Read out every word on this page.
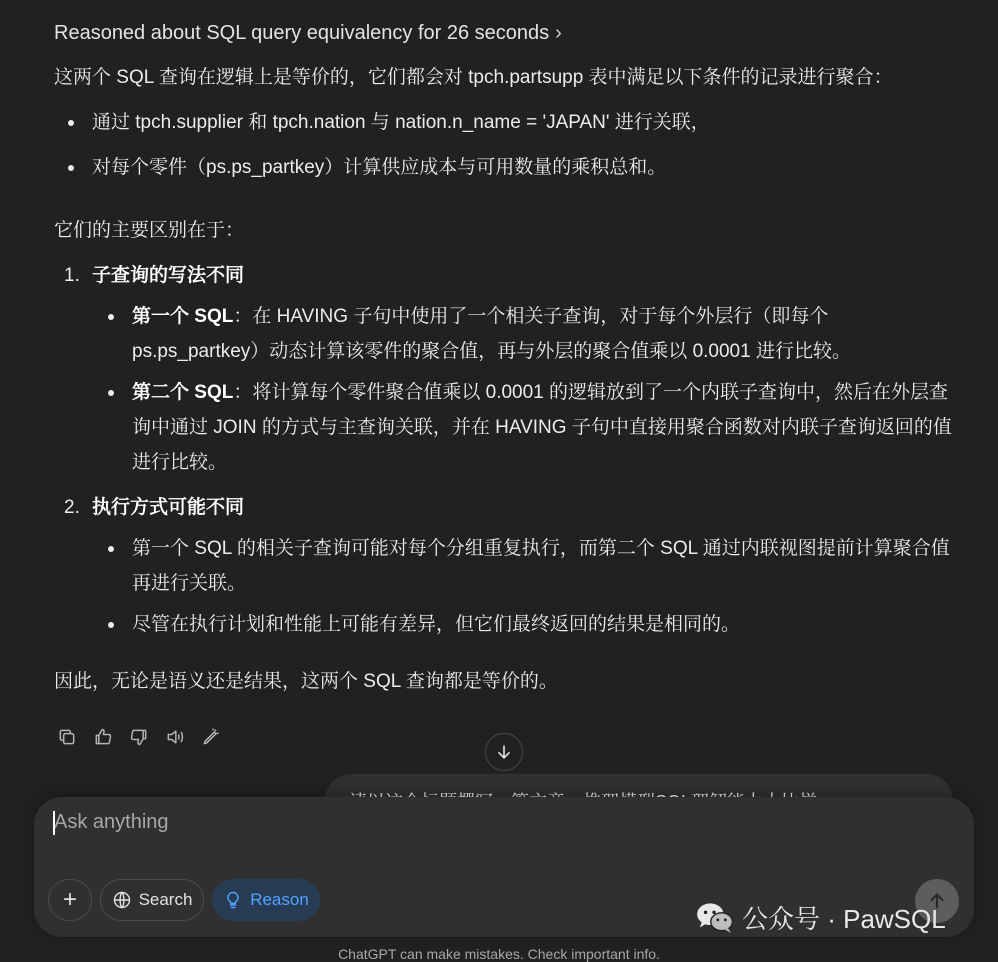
Reasoned about SQL query equivalency for 26 seconds ›

这两个 SQL 查询在逻辑上是等价的，它们都会对 tpch.partsupp 表中满足以下条件的记录进行聚合：

通过 tpch.supplier 和 tpch.nation 与 nation.n_name = 'JAPAN' 进行关联，
对每个零件（ps.ps_partkey）计算供应成本与可用数量的乘积总和。

它们的主要区别在于：

1. 子查询的写法不同
第一个 SQL：在 HAVING 子句中使用了一个相关子查询，对于每个外层行（即每个 ps.ps_partkey）动态计算该零件的聚合值，再与外层的聚合值乘以 0.0001 进行比较。
第二个 SQL：将计算每个零件聚合值乘以 0.0001 的逻辑放到了一个内联子查询中，然后在外层查询中通过 JOIN 的方式与主查询关联，并在 HAVING 子句中直接用聚合函数对内联子查询返回的值进行比较。
2. 执行方式可能不同
第一个 SQL 的相关子查询可能对每个分组重复执行，而第二个 SQL 通过内联视图提前计算聚合值再进行关联。
尽管在执行计划和性能上可能有差异，但它们最终返回的结果是相同的。

因此，无论是语义还是结果，这两个 SQL 查询都是等价的。

Ask anything
+	Search	Reason
公众号 · PawSQL
ChatGPT can make mistakes. Check important info.
